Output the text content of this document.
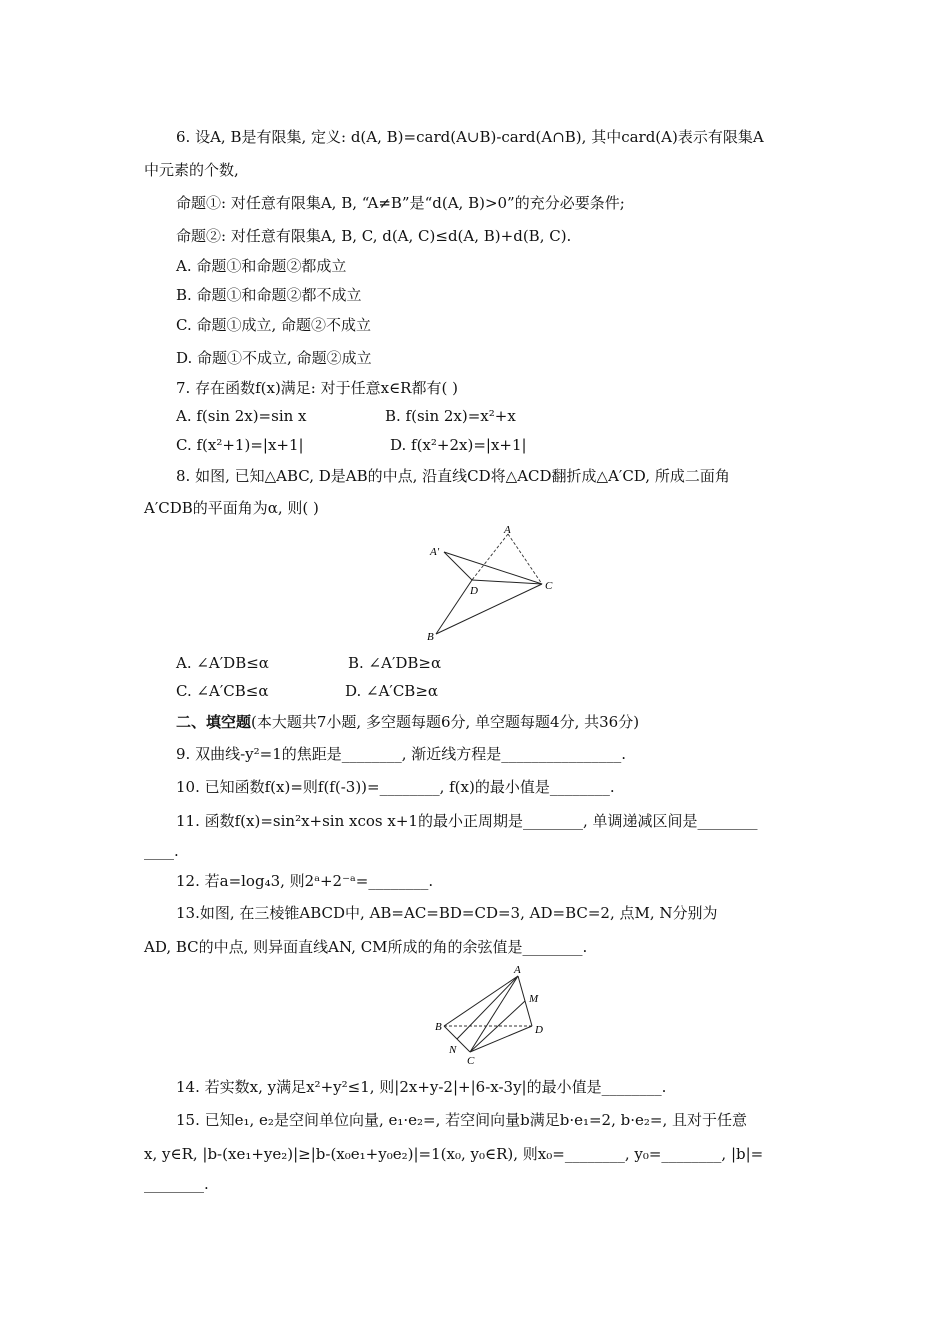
6. 设A, B是有限集, 定义: d(A, B)=card(A∪B)-card(A∩B), 其中card(A)表示有限集A
中元素的个数,
命题①: 对任意有限集A, B, “A≠B”是“d(A, B)>0”的充分必要条件;
命题②: 对任意有限集A, B, C, d(A, C)≤d(A, B)+d(B, C).
A. 命题①和命题②都成立
B. 命题①和命题②都不成立
C. 命题①成立, 命题②不成立
D. 命题①不成立, 命题②成立
7. 存在函数f(x)满足: 对于任意x∈R都有( )
A. f(sin 2x)=sin x	B. f(sin 2x)=x²+x
C. f(x²+1)=|x+1|	D. f(x²+2x)=|x+1|
8. 如图, 已知△ABC, D是AB的中点, 沿直线CD将△ACD翻折成△A′CD, 所成二面角
A′CDB的平面角为α, 则( )
A
A′
D	C
B
A. ∠A′DB≤α	B. ∠A′DB≥α
C. ∠A′CB≤α	D. ∠A′CB≥α
二、填空题(本大题共7小题, 多空题每题6分, 单空题每题4分, 共36分)
9. 双曲线-y²=1的焦距是________, 渐近线方程是________________.
10. 已知函数f(x)=则f(f(-3))=________, f(x)的最小值是________.
11. 函数f(x)=sin²x+sin xcos x+1的最小正周期是________, 单调递减区间是________
____.
12. 若a=log₄3, 则2ᵃ+2⁻ᵃ=________.
13.如图, 在三棱锥ABCD中, AB=AC=BD=CD=3, AD=BC=2, 点M, N分别为
AD, BC的中点, 则异面直线AN, CM所成的角的余弦值是________.
A
M
B	D
N
C
14. 若实数x, y满足x²+y²≤1, 则|2x+y-2|+|6-x-3y|的最小值是________.
15. 已知e₁, e₂是空间单位向量, e₁·e₂=, 若空间向量b满足b·e₁=2, b·e₂=, 且对于任意
x, y∈R, |b-(xe₁+ye₂)|≥|b-(x₀e₁+y₀e₂)|=1(x₀, y₀∈R), 则x₀=________, y₀=________, |b|=
________.
